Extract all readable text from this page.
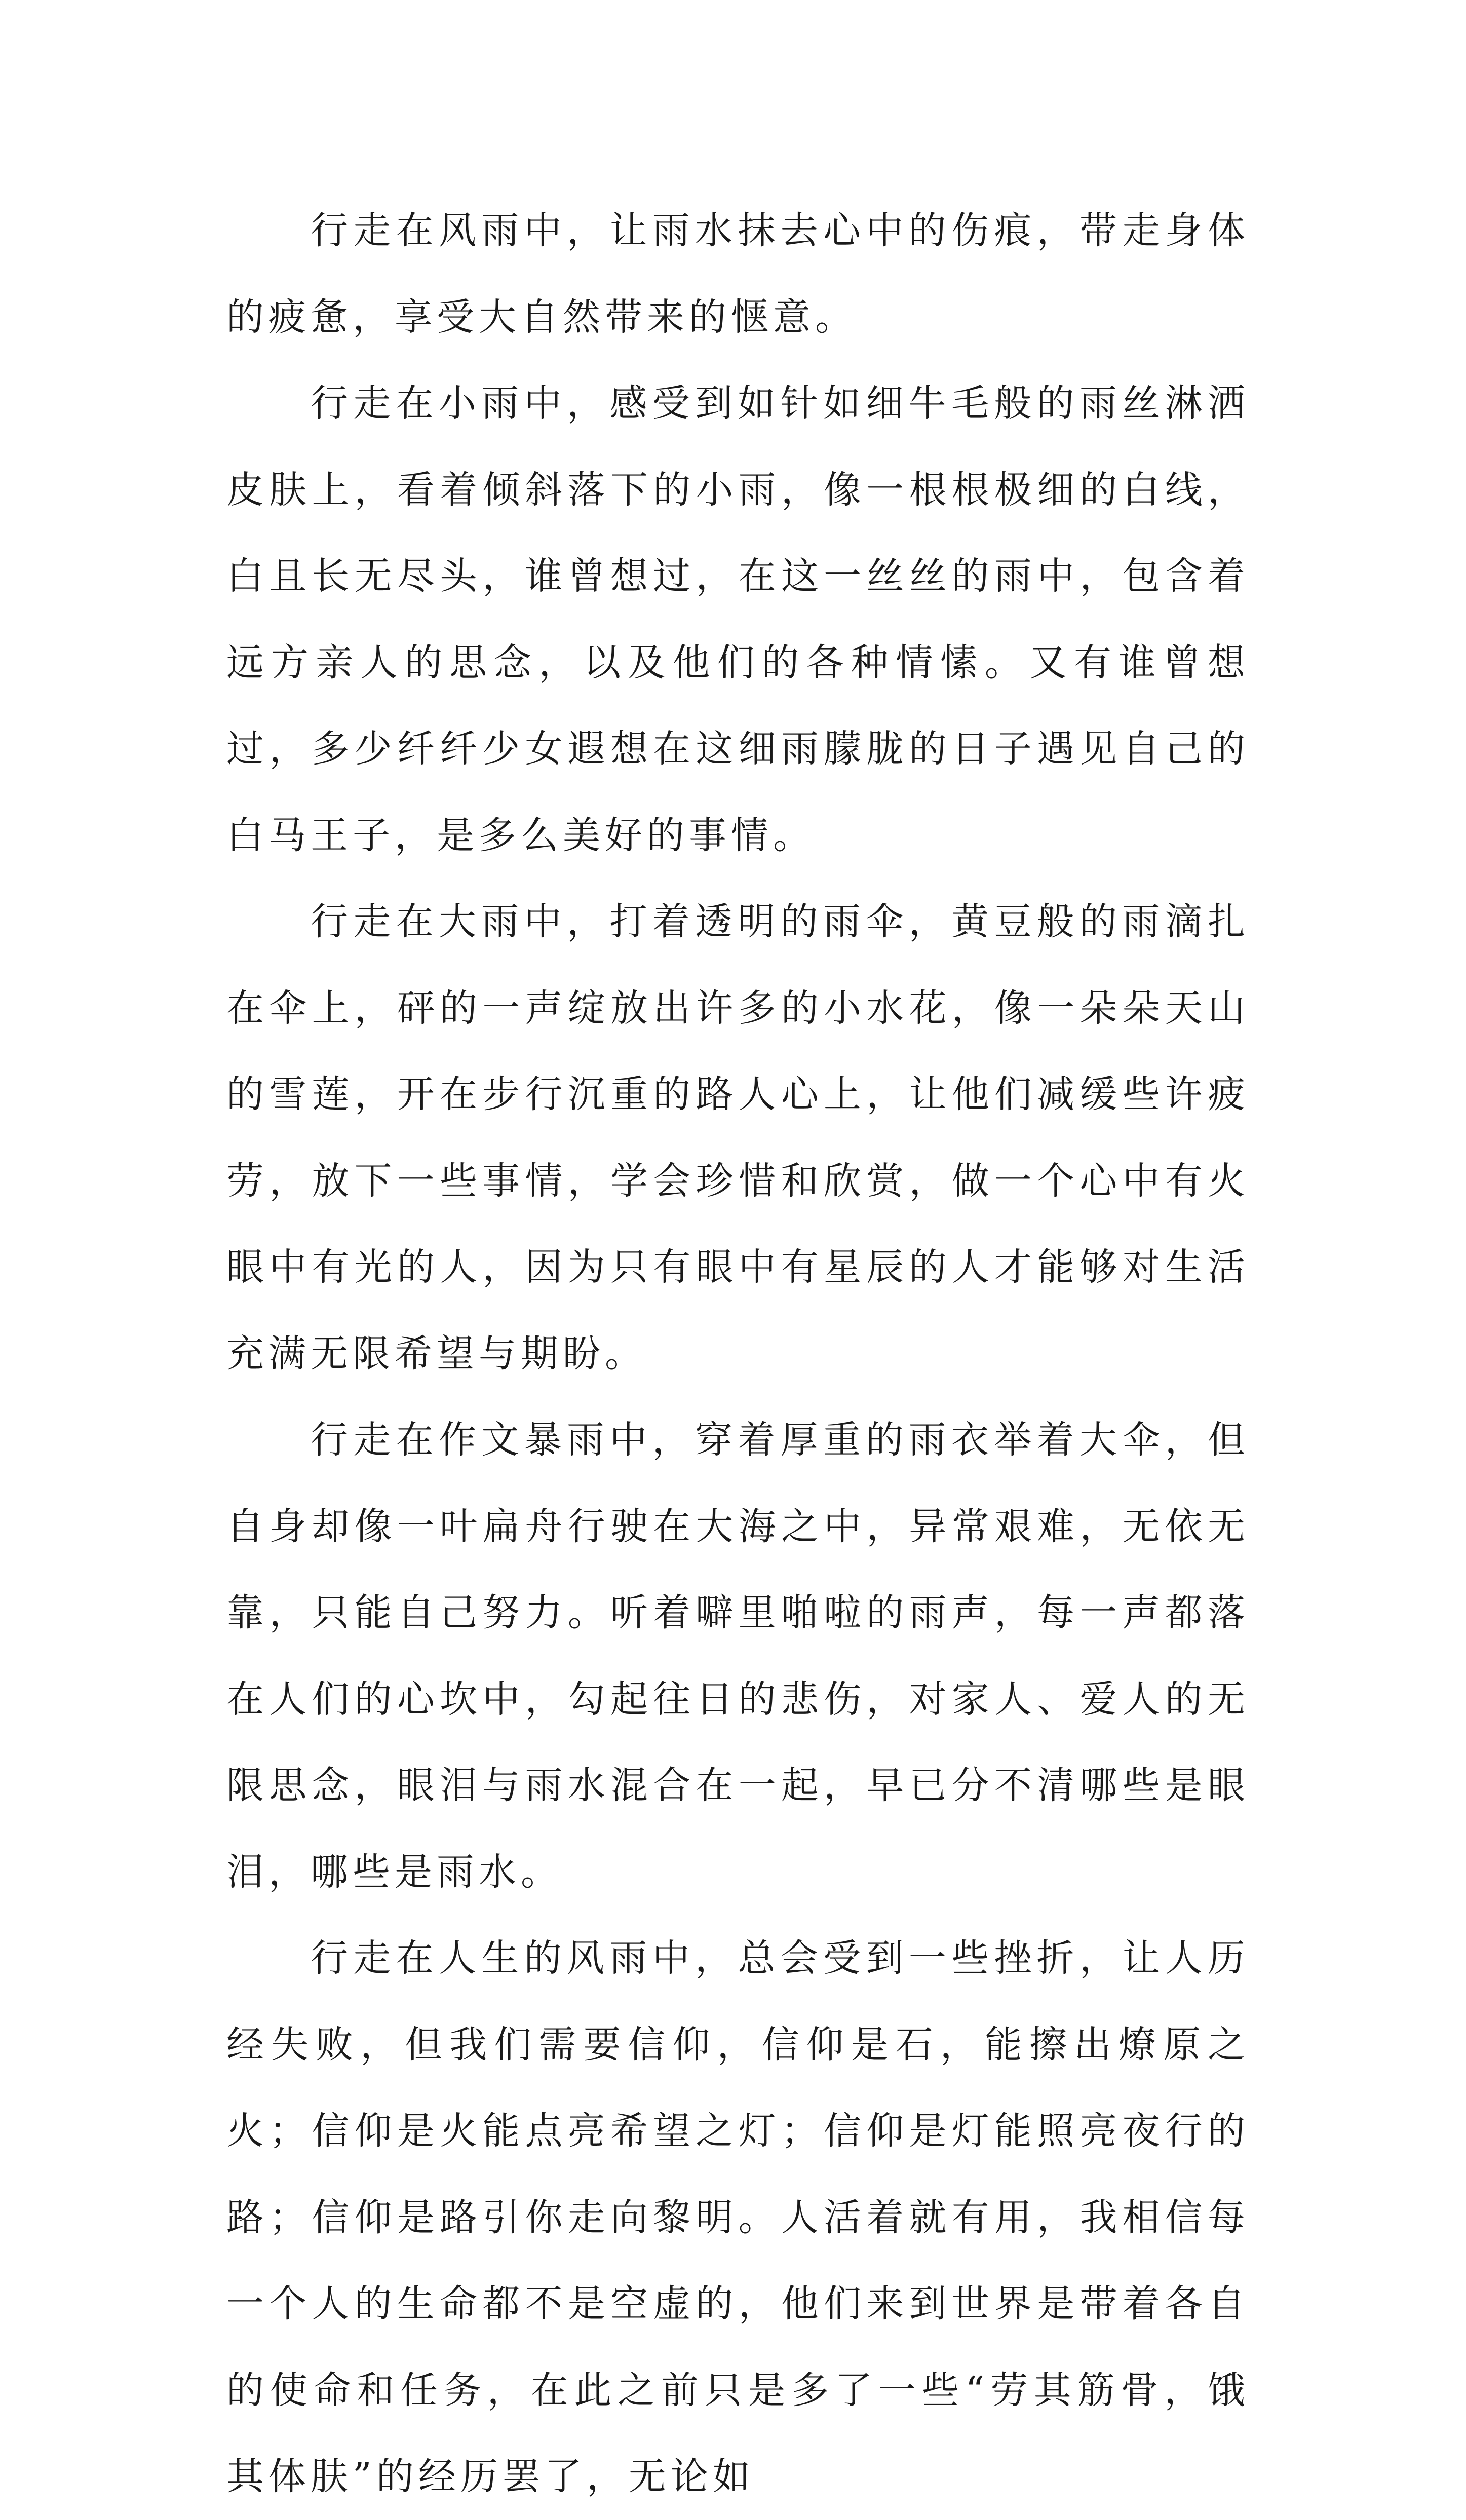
行走在风雨中，让雨水抹去心中的伤痕，带走身体的疲惫，享受大自然带来的惬意。

行走在小雨中，感受到如针如细牛毛般的雨丝淋洒皮肤上，看着倾斜落下的小雨，像一根根极细的白线，白且长无尽头，谁曾想过，在这一丝丝的雨中，包含着远方亲人的思念，以及他们的各种情愫。又有谁曾想过，多少纤纤少女遐想在这细雨朦胧的日子遇见自己的白马王子，是多么美好的事情。

行走在大雨中，打着透明的雨伞，黄豆般的雨滴扎在伞上，砰的一声绽放出许多的小水花，像一朵朵天山的雪莲，开在步行沉重的路人心上，让他们减缓些许疲劳，放下一些事情，学会珍惜和欣赏，做一个心中有火眼中有光的人，因为只有眼中有星辰的人才能够对生活充满无限希望与期盼。

行走在作文暴雨中，穿着厚重的雨衣举着大伞，但自身却像一叶扁舟行驶在大海之中，异常艰难，无依无靠，只能自己努力。听着噼里啪啦的雨声，每一声都落在人们的心坎中，勾起往日的悲伤，对家人、爱人的无限思念，眼泪与雨水混合在一起，早已分不清哪些是眼泪，哪些是雨水。

行走在人生的风雨中，总会受到一些挫折，让人历经失败，但我们需要信仰，信仰是石，能擦出燎原之火；信仰是火能点亮希望之灯；信仰是灯能照亮夜行的路；信仰是路引你走向黎明。人活着就有用，我相信每一个人的生命都不是空虚的，他们来到世界是带着各自的使命和任务，在此之前只是多了一些“劳其筋骨，饿其体肤”的经历罢了，无论如
